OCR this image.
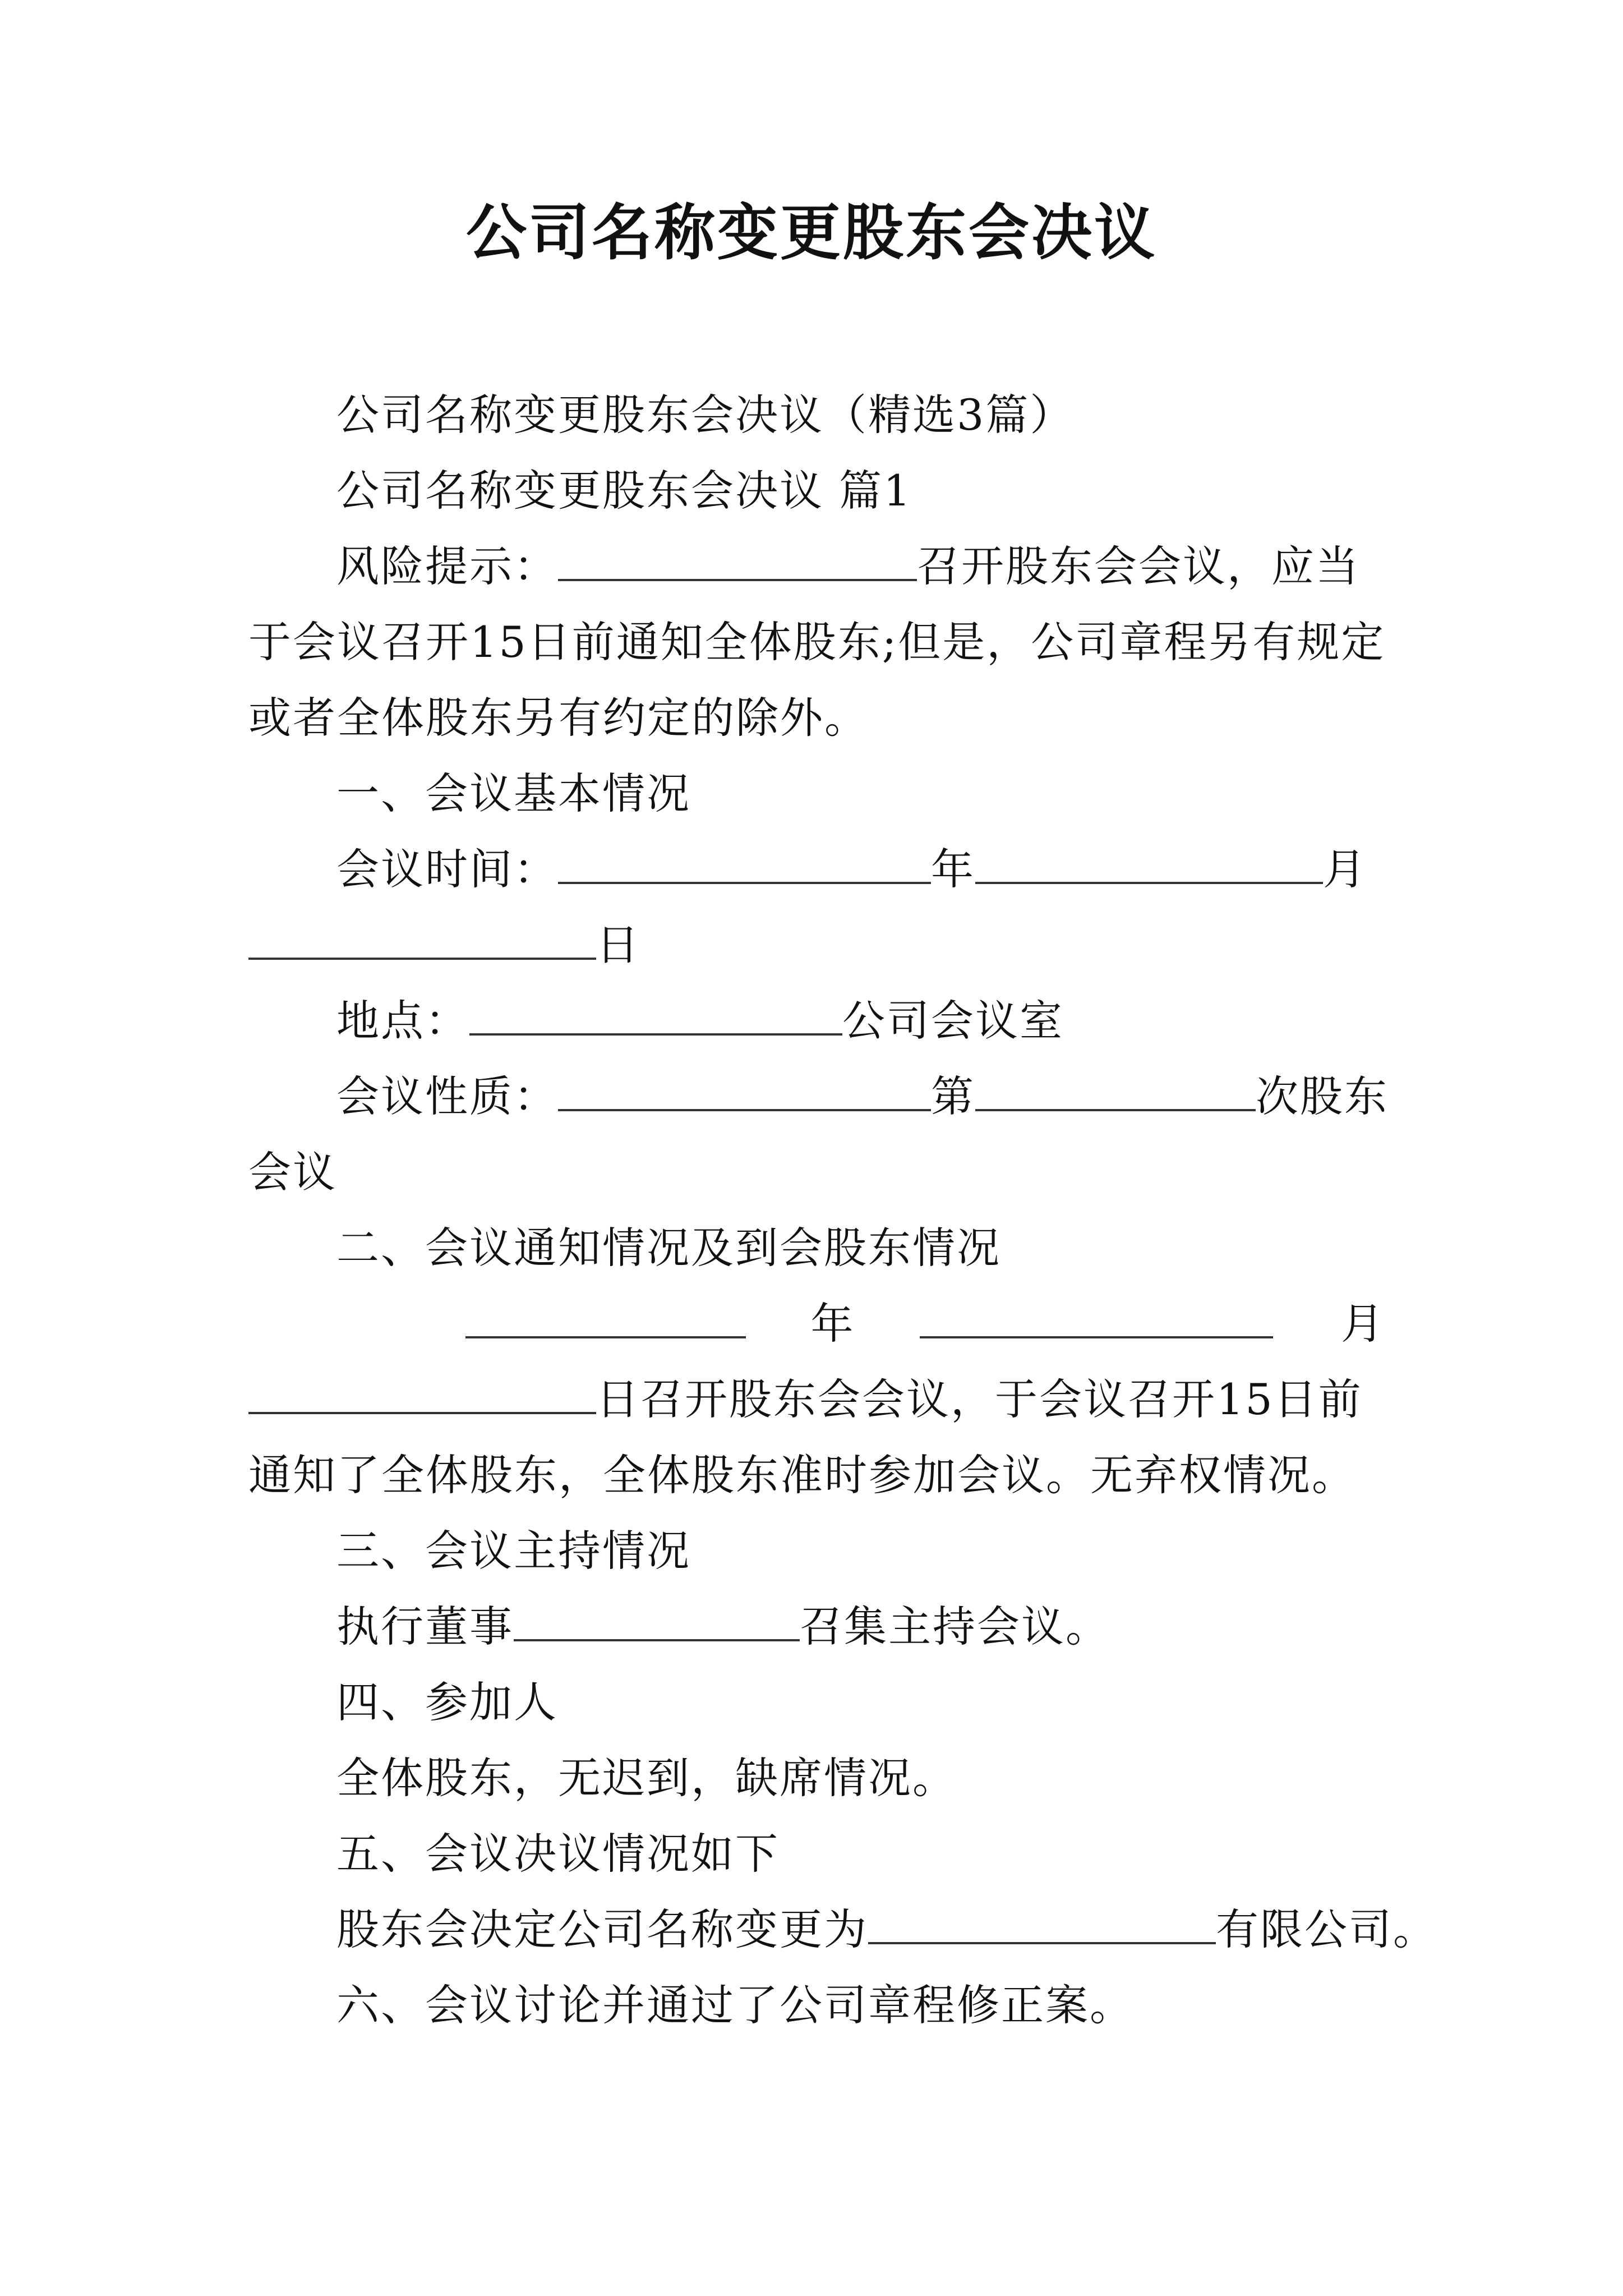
公司名称变更股东会决议
公司名称变更股东会决议（精选3篇）
公司名称变更股东会决议 篇1
风险提示：	召开股东会会议，应当
于会议召开15日前通知全体股东;但是，公司章程另有规定
或者全体股东另有约定的除外。
一、会议基本情况
会议时间：	年	月
日
地点：	公司会议室
会议性质：	第	次股东
会议
二、会议通知情况及到会股东情况
年	月
日召开股东会会议，于会议召开15日前
通知了全体股东，全体股东准时参加会议。无弃权情况。
三、会议主持情况
执行董事	召集主持会议。
四、参加人
全体股东，无迟到，缺席情况。
五、会议决议情况如下
股东会决定公司名称变更为	有限公司。
六、会议讨论并通过了公司章程修正案。
